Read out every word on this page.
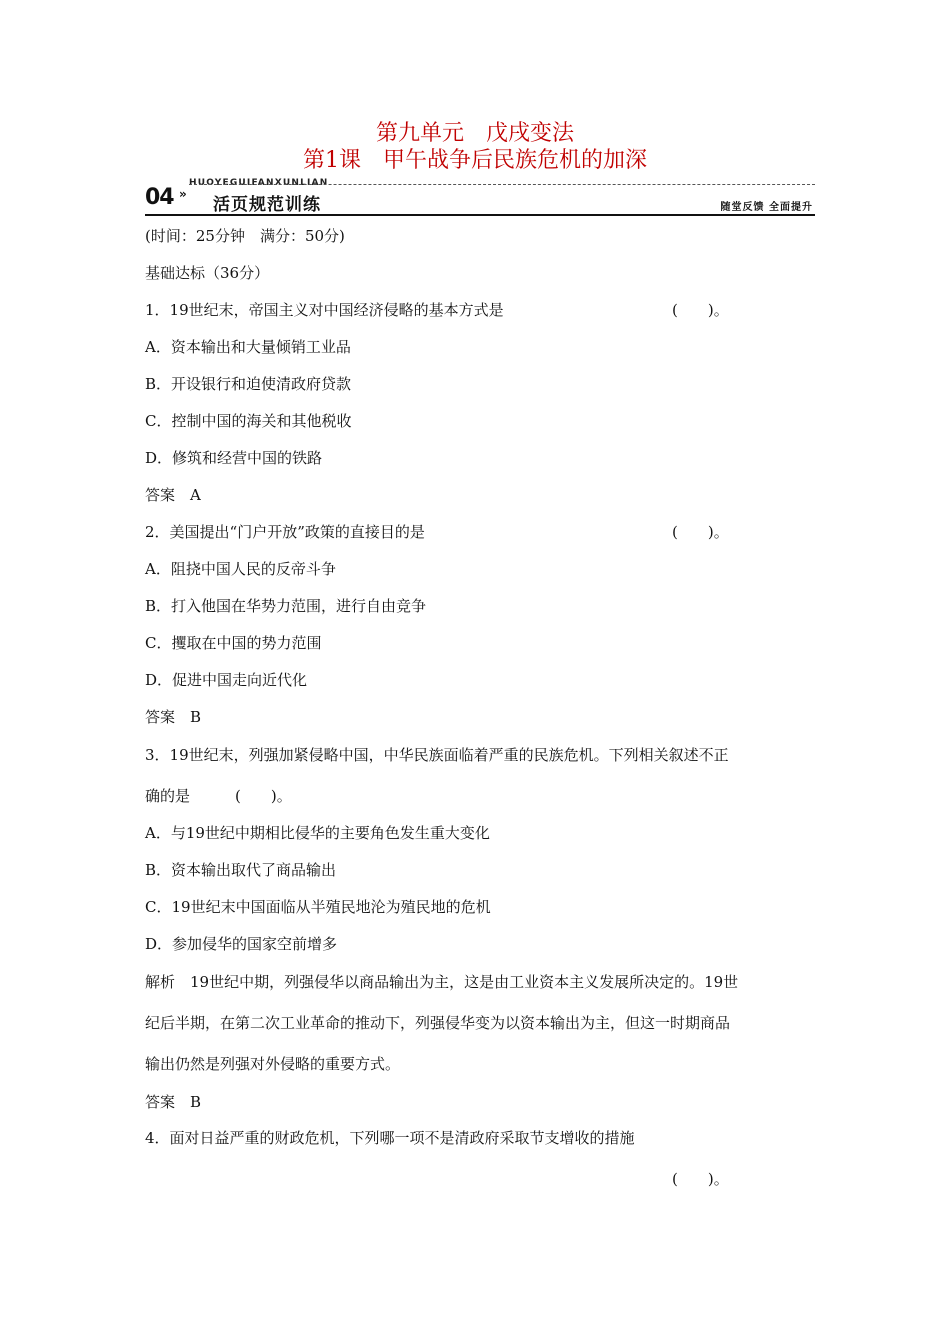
第九单元　戊戌变法
第1课　甲午战争后民族危机的加深
HUOYEGUIFANXUNLIAN
04 »
活页规范训练	随堂反馈 全面提升
(时间：25分钟　满分：50分)
基础达标（36分）
1．19世纪末，帝国主义对中国经济侵略的基本方式是	(　　)。
A．资本输出和大量倾销工业品
B．开设银行和迫使清政府贷款
C．控制中国的海关和其他税收
D．修筑和经营中国的铁路
答案　A
2．美国提出“门户开放”政策的直接目的是	(　　)。
A．阻挠中国人民的反帝斗争
B．打入他国在华势力范围，进行自由竞争
C．攫取在中国的势力范围
D．促进中国走向近代化
答案　B
3．19世纪末，列强加紧侵略中国，中华民族面临着严重的民族危机。下列相关叙述不正
确的是　　　(　　)。
A．与19世纪中期相比侵华的主要角色发生重大变化
B．资本输出取代了商品输出
C．19世纪末中国面临从半殖民地沦为殖民地的危机
D．参加侵华的国家空前增多
解析　19世纪中期，列强侵华以商品输出为主，这是由工业资本主义发展所决定的。19世
纪后半期，在第二次工业革命的推动下，列强侵华变为以资本输出为主，但这一时期商品
输出仍然是列强对外侵略的重要方式。
答案　B
4．面对日益严重的财政危机，下列哪一项不是清政府采取节支增收的措施
(　　)。
